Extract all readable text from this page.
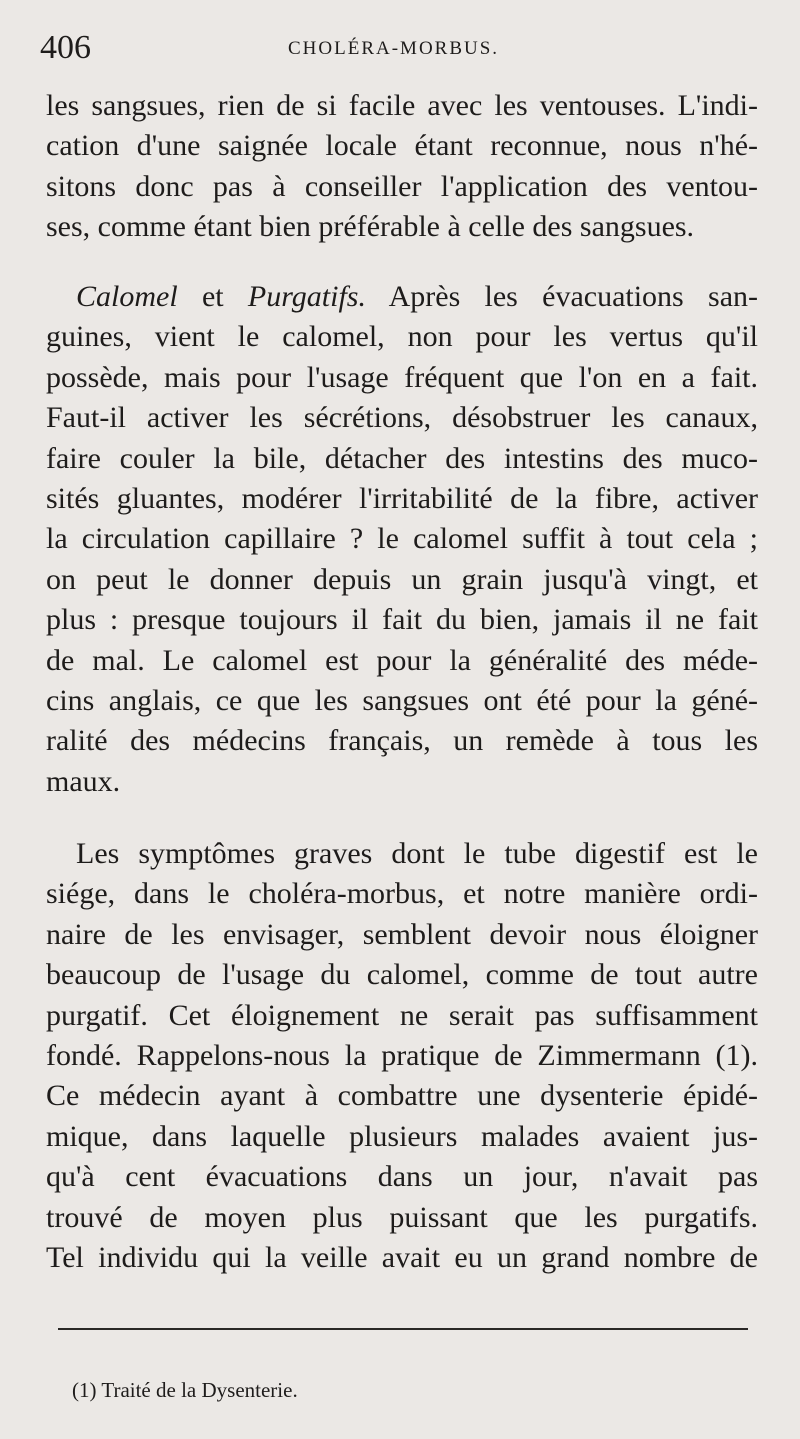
406	CHOLÉRA-MORBUS.
les sangsues, rien de si facile avec les ventouses. L'indi-
cation d'une saignée locale étant reconnue, nous n'hé-
sitons donc pas à conseiller l'application des ventou-
ses, comme étant bien préférable à celle des sangsues.
Calomel et Purgatifs. Après les évacuations san-
guines, vient le calomel, non pour les vertus qu'il
possède, mais pour l'usage fréquent que l'on en a fait.
Faut-il activer les sécrétions, désobstruer les canaux,
faire couler la bile, détacher des intestins des muco-
sités gluantes, modérer l'irritabilité de la fibre, activer
la circulation capillaire ? le calomel suffit à tout cela ;
on peut le donner depuis un grain jusqu'à vingt, et
plus : presque toujours il fait du bien, jamais il ne fait
de mal. Le calomel est pour la généralité des méde-
cins anglais, ce que les sangsues ont été pour la géné-
ralité des médecins français, un remède à tous les
maux.
Les symptômes graves dont le tube digestif est le
siége, dans le choléra-morbus, et notre manière ordi-
naire de les envisager, semblent devoir nous éloigner
beaucoup de l'usage du calomel, comme de tout autre
purgatif. Cet éloignement ne serait pas suffisamment
fondé. Rappelons-nous la pratique de Zimmermann (1).
Ce médecin ayant à combattre une dysenterie épidé-
mique, dans laquelle plusieurs malades avaient jus-
qu'à cent évacuations dans un jour, n'avait pas
trouvé de moyen plus puissant que les purgatifs.
Tel individu qui la veille avait eu un grand nombre de
(1) Traité de la Dysenterie.
